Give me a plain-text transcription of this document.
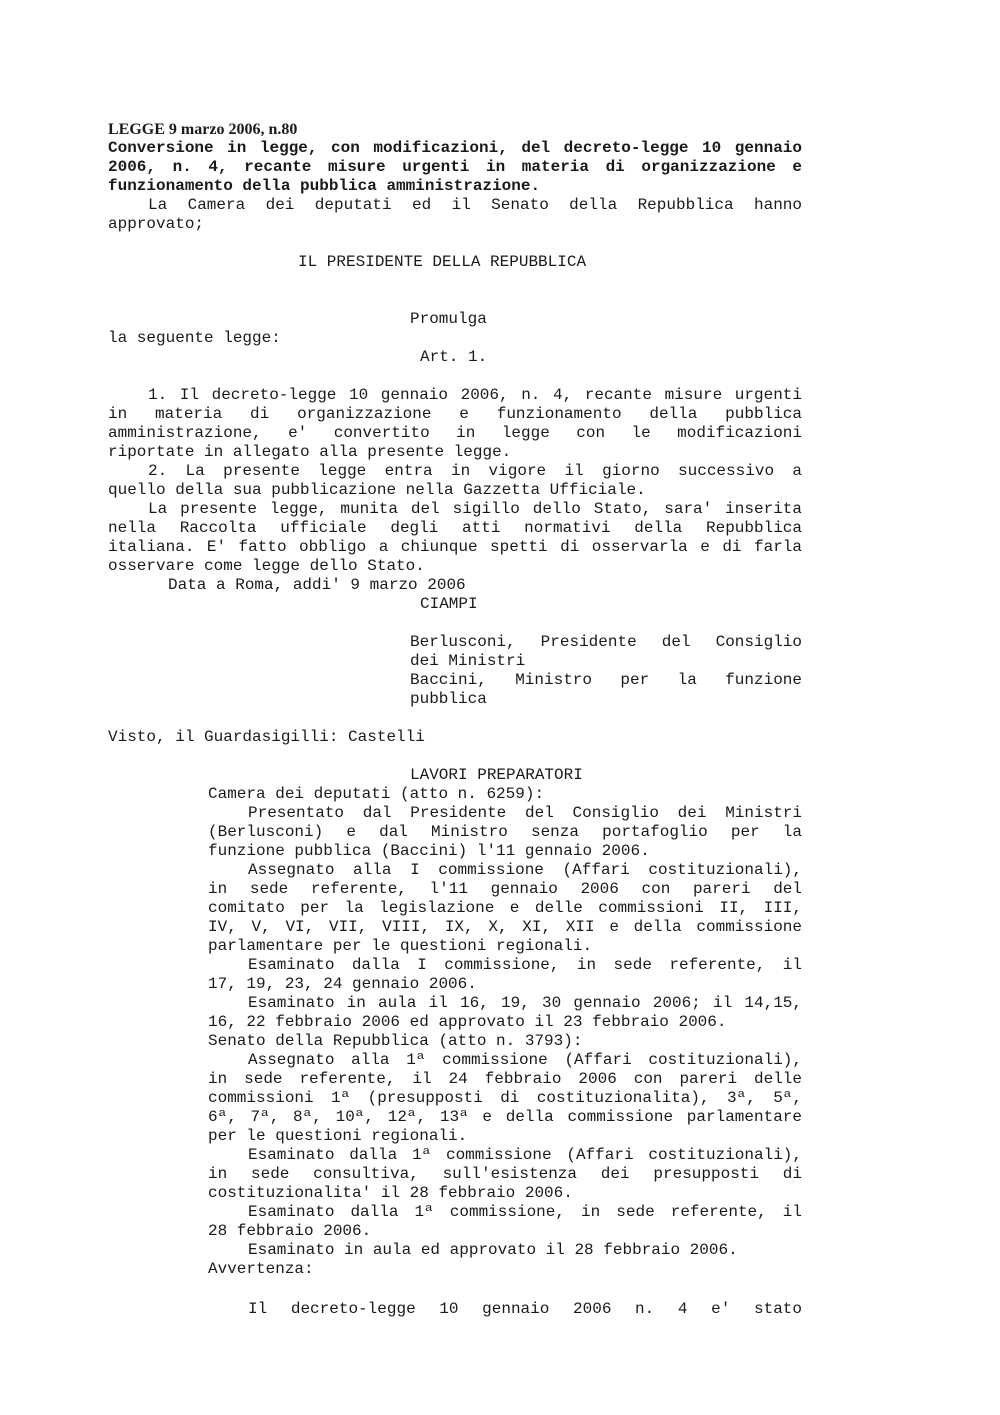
LEGGE 9 marzo 2006, n.80
Conversione in legge, con modificazioni, del decreto-legge 10 gennaio
2006, n. 4, recante misure urgenti in materia di organizzazione e
funzionamento della pubblica amministrazione.
La Camera dei deputati ed il Senato della Repubblica hanno
approvato;
IL PRESIDENTE DELLA REPUBBLICA
Promulga
la seguente legge:
Art. 1.
1. Il decreto-legge 10 gennaio 2006, n. 4, recante misure urgenti
in materia di organizzazione e funzionamento della pubblica
amministrazione, e' convertito in legge con le modificazioni
riportate in allegato alla presente legge.
2. La presente legge entra in vigore il giorno successivo a
quello della sua pubblicazione nella Gazzetta Ufficiale.
La presente legge, munita del sigillo dello Stato, sara' inserita
nella Raccolta ufficiale degli atti normativi della Repubblica
italiana. E' fatto obbligo a chiunque spetti di osservarla e di farla
osservare come legge dello Stato.
Data a Roma, addi' 9 marzo 2006
CIAMPI
Berlusconi, Presidente del Consiglio
dei Ministri
Baccini, Ministro per la funzione
pubblica
Visto, il Guardasigilli: Castelli
LAVORI PREPARATORI
Camera dei deputati (atto n. 6259):
Presentato dal Presidente del Consiglio dei Ministri
(Berlusconi) e dal Ministro senza portafoglio per la
funzione pubblica (Baccini) l'11 gennaio 2006.
Assegnato alla I commissione (Affari costituzionali),
in sede referente, l'11 gennaio 2006 con pareri del
comitato per la legislazione e delle commissioni II, III,
IV, V, VI, VII, VIII, IX, X, XI, XII e della commissione
parlamentare per le questioni regionali.
Esaminato dalla I commissione, in sede referente, il
17, 19, 23, 24 gennaio 2006.
Esaminato in aula il 16, 19, 30 gennaio 2006; il 14,15,
16, 22 febbraio 2006 ed approvato il 23 febbraio 2006.
Senato della Repubblica (atto n. 3793):
Assegnato alla 1ª commissione (Affari costituzionali),
in sede referente, il 24 febbraio 2006 con pareri delle
commissioni 1ª (presupposti di costituzionalita), 3ª, 5ª,
6ª, 7ª, 8ª, 10ª, 12ª, 13ª e della commissione parlamentare
per le questioni regionali.
Esaminato dalla 1ª commissione (Affari costituzionali),
in sede consultiva, sull'esistenza dei presupposti di
costituzionalita' il 28 febbraio 2006.
Esaminato dalla 1ª commissione, in sede referente, il
28 febbraio 2006.
Esaminato in aula ed approvato il 28 febbraio 2006.
Avvertenza:
Il decreto-legge 10 gennaio 2006 n. 4 e' stato
